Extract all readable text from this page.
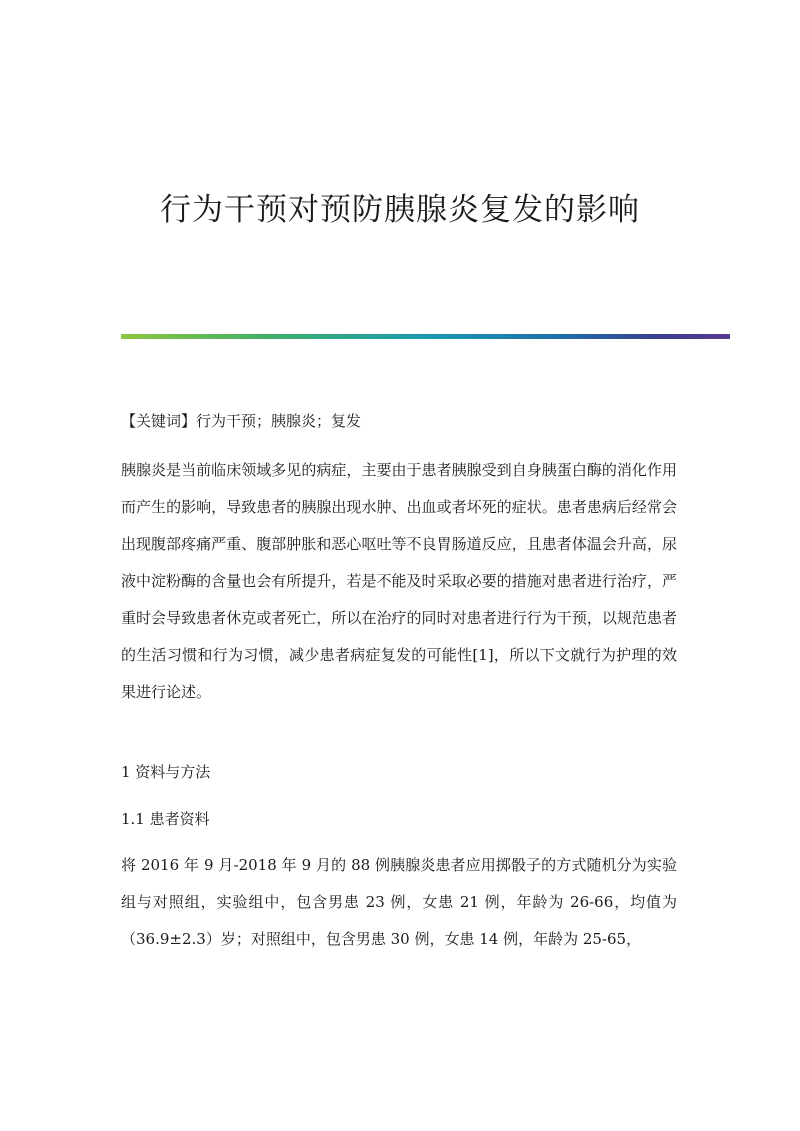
行为干预对预防胰腺炎复发的影响
【关键词】行为干预；胰腺炎；复发

胰腺炎是当前临床领域多见的病症，主要由于患者胰腺受到自身胰蛋白酶的消化作用而产生的影响，导致患者的胰腺出现水肿、出血或者坏死的症状。患者患病后经常会出现腹部疼痛严重、腹部肿胀和恶心呕吐等不良胃肠道反应，且患者体温会升高，尿液中淀粉酶的含量也会有所提升，若是不能及时采取必要的措施对患者进行治疗，严重时会导致患者休克或者死亡，所以在治疗的同时对患者进行行为干预，以规范患者的生活习惯和行为习惯，减少患者病症复发的可能性[1]，所以下文就行为护理的效果进行论述。

1 资料与方法
1.1 患者资料

将 2016 年 9 月-2018 年 9 月的 88 例胰腺炎患者应用掷骰子的方式随机分为实验组与对照组，实验组中，包含男患 23 例，女患 21 例，年龄为 26-66，均值为（36.9±2.3）岁；对照组中，包含男患 30 例，女患 14 例，年龄为 25-65，
